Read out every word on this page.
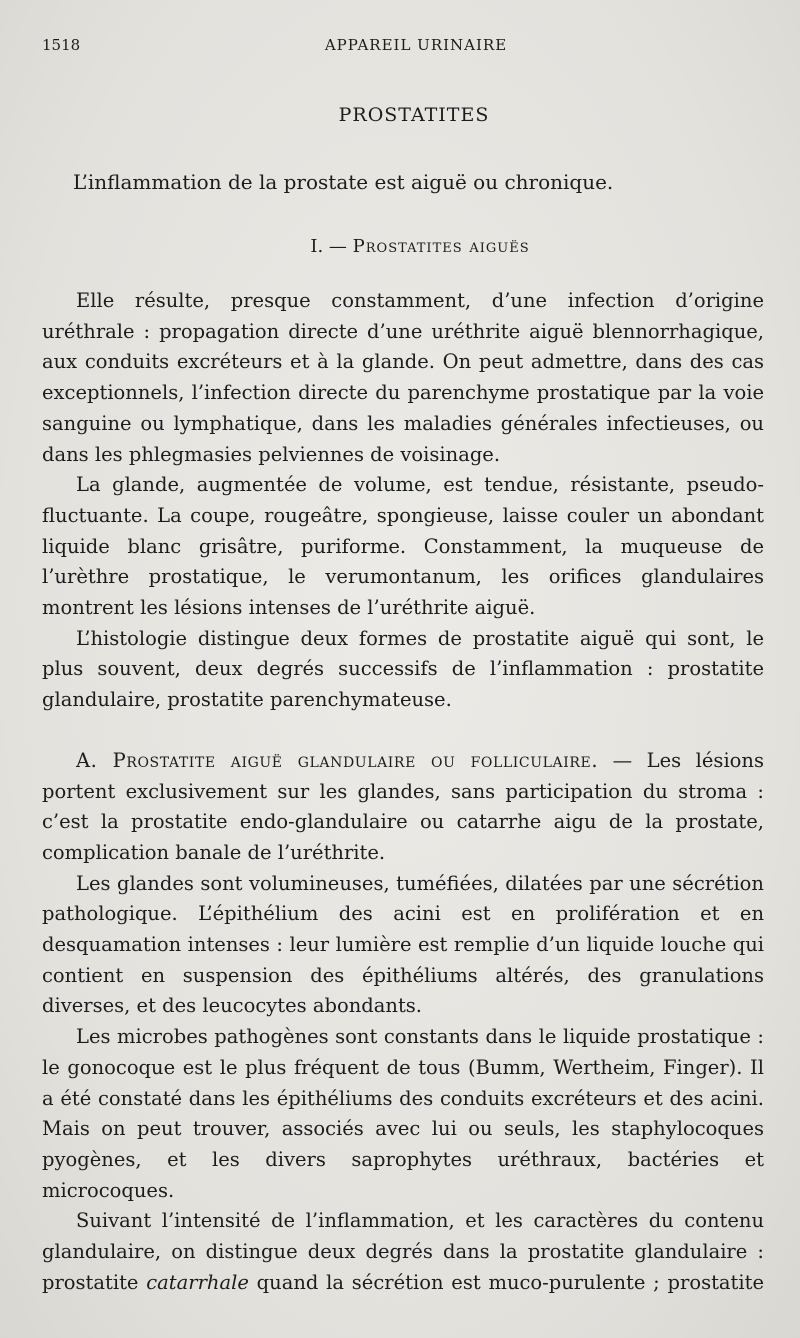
1518	APPAREIL URINAIRE
PROSTATITES
L’inflammation de la prostate est aiguë ou chronique.
I. — Prostatites aiguës

Elle résulte, presque constamment, d’une infection d’origine uréthrale : propagation directe d’une uréthrite aiguë blennorrhagique, aux conduits excréteurs et à la glande. On peut admettre, dans des cas exceptionnels, l’infection directe du parenchyme prostatique par la voie sanguine ou lymphatique, dans les maladies générales infectieuses, ou dans les phlegmasies pelviennes de voisinage.

La glande, augmentée de volume, est tendue, résistante, pseudo-fluctuante. La coupe, rougeâtre, spongieuse, laisse couler un abondant liquide blanc grisâtre, puriforme. Constamment, la muqueuse de l’urèthre prostatique, le verumontanum, les orifices glandulaires montrent les lésions intenses de l’uréthrite aiguë.

L’histologie distingue deux formes de prostatite aiguë qui sont, le plus souvent, deux degrés successifs de l’inflammation : prostatite glandulaire, prostatite parenchymateuse.

A. Prostatite aiguë glandulaire ou folliculaire. — Les lésions portent exclusivement sur les glandes, sans participation du stroma : c’est la prostatite endo-glandulaire ou catarrhe aigu de la prostate, complication banale de l’uréthrite.

Les glandes sont volumineuses, tuméfiées, dilatées par une sécrétion pathologique. L’épithélium des acini est en prolifération et en desquamation intenses : leur lumière est remplie d’un liquide louche qui contient en suspension des épithéliums altérés, des granulations diverses, et des leucocytes abondants.

Les microbes pathogènes sont constants dans le liquide prostatique : le gonocoque est le plus fréquent de tous (Bumm, Wertheim, Finger). Il a été constaté dans les épithéliums des conduits excréteurs et des acini. Mais on peut trouver, associés avec lui ou seuls, les staphylocoques pyogènes, et les divers saprophytes uréthraux, bactéries et microcoques.

Suivant l’intensité de l’inflammation, et les caractères du contenu glandulaire, on distingue deux degrés dans la prostatite glandulaire : prostatite catarrhale quand la sécrétion est muco-purulente ; prostatite
